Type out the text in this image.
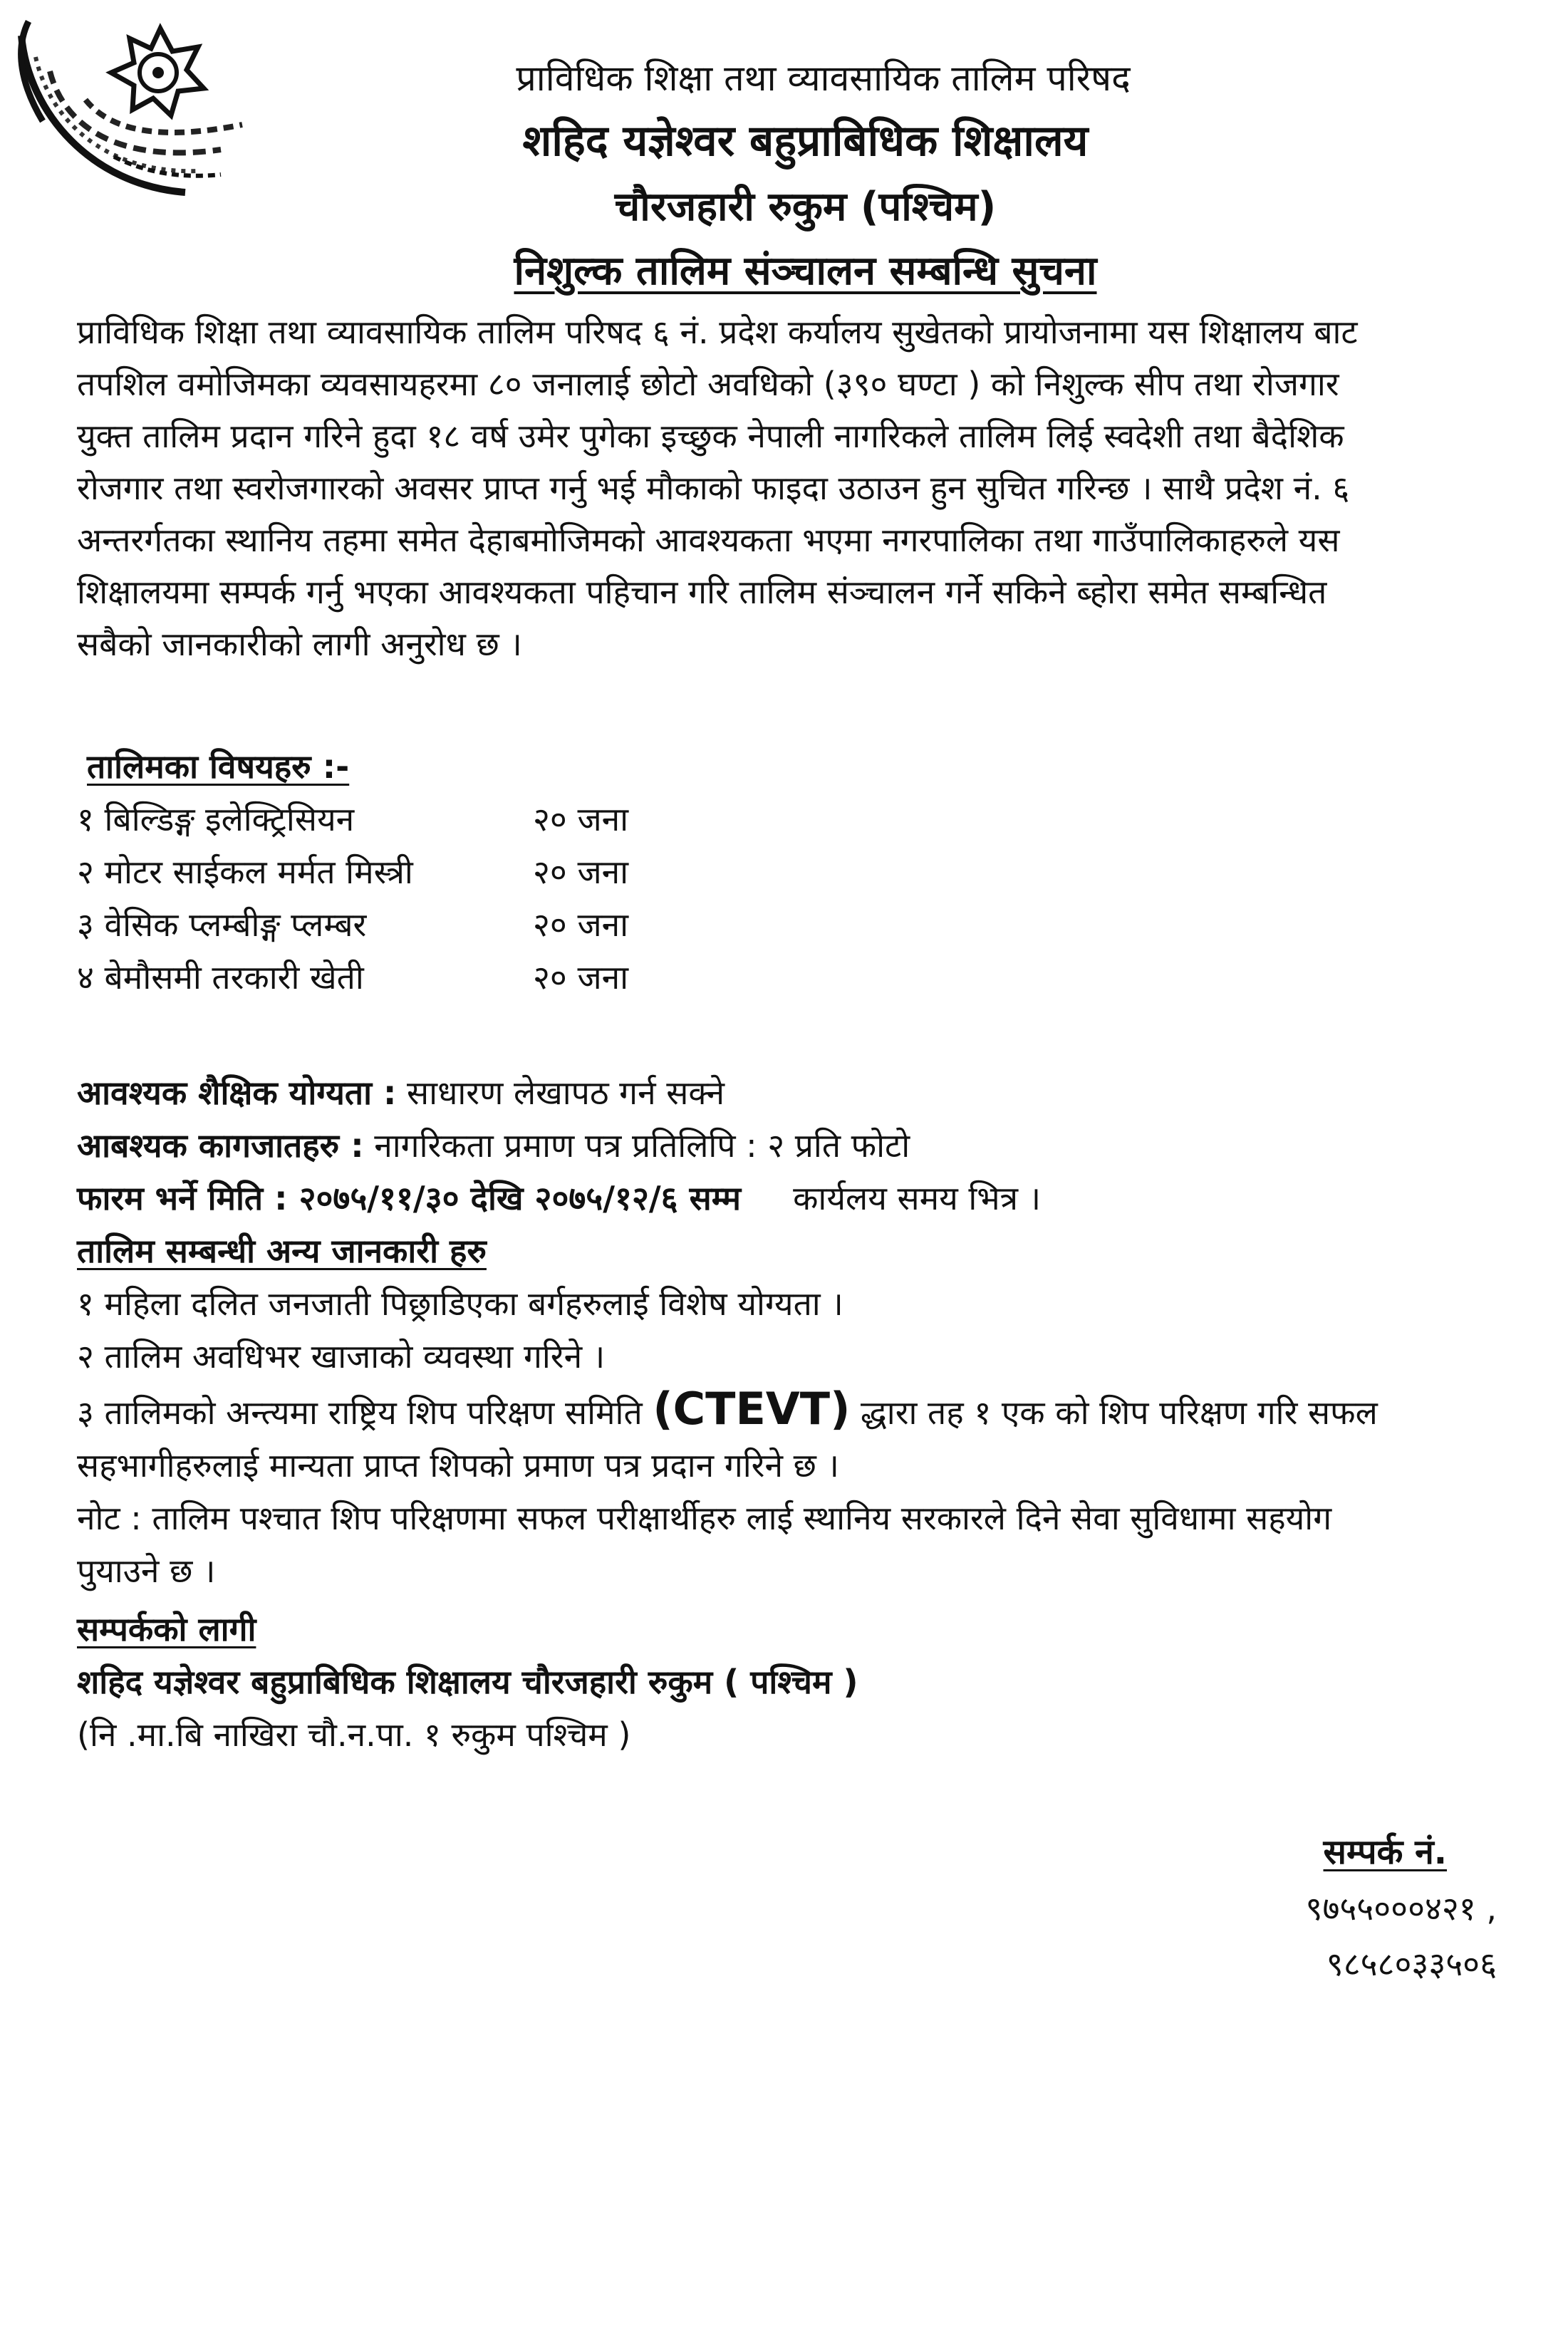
प्राविधिक शिक्षा तथा व्यावसायिक तालिम परिषद
शहिद यज्ञेश्वर बहुप्राबिधिक शिक्षालय
चौरजहारी रुकुम (पश्चिम)
निशुल्क तालिम संञ्चालन सम्बन्धि सुचना
प्राविधिक शिक्षा तथा व्यावसायिक तालिम परिषद ६ नं. प्रदेश कर्यालय सुखेतको प्रायोजनामा यस शिक्षालय बाट
तपशिल वमोजिमका व्यवसायहरमा ८० जनालाई छोटो अवधिको (३९० घण्टा ) को निशुल्क सीप तथा रोजगार
युक्त तालिम प्रदान गरिने हुदा १८ वर्ष उमेर पुगेका इच्छुक नेपाली नागरिकले तालिम लिई स्वदेशी तथा बैदेशिक
रोजगार तथा स्वरोजगारको अवसर प्राप्त गर्नु भई मौकाको फाइदा उठाउन हुन सुचित गरिन्छ । साथै प्रदेश नं. ६
अन्तरर्गतका स्थानिय तहमा समेत देहाबमोजिमको आवश्यकता भएमा नगरपालिका तथा गाउँपालिकाहरुले यस
शिक्षालयमा सम्पर्क गर्नु भएका आवश्यकता पहिचान गरि तालिम संञ्चालन गर्ने सकिने ब्होरा समेत सम्बन्धित
सबैको जानकारीको लागी अनुरोध छ ।
तालिमका विषयहरु :-
१ बिल्डिङ्ग इलेक्ट्रिसियन	२० जना
२ मोटर साईकल मर्मत मिस्त्री	२० जना
३ वेसिक प्लम्बीङ्ग प्लम्बर	२० जना
४ बेमौसमी तरकारी खेती	२० जना
आवश्यक शैक्षिक योग्यता : साधारण लेखापठ गर्न सक्ने
आबश्यक कागजातहरु : नागरिकता प्रमाण पत्र प्रतिलिपि : २ प्रति फोटो
फारम भर्ने मिति : २०७५/११/३० देखि २०७५/१२/६ सम्म     कार्यलय समय भित्र ।
तालिम सम्बन्धी अन्य जानकारी हरु
१ महिला दलित जनजाती पिछ्राडिएका बर्गहरुलाई विशेष योग्यता ।
२ तालिम अवधिभर खाजाको व्यवस्था गरिने ।
३ तालिमको अन्त्यमा राष्ट्रिय शिप परिक्षण समिति (CTEVT) द्धारा तह १ एक को शिप परिक्षण गरि सफल
सहभागीहरुलाई मान्यता प्राप्त शिपको प्रमाण पत्र प्रदान गरिने छ ।
नोट : तालिम पश्चात शिप परिक्षणमा सफल परीक्षार्थीहरु लाई स्थानिय सरकारले दिने सेवा सुविधामा सहयोग
पुयाउने छ ।
सम्पर्कको लागी
शहिद यज्ञेश्वर बहुप्राबिधिक शिक्षालय चौरजहारी रुकुम ( पश्चिम )
(नि .मा.बि नाखिरा चौ.न.पा. १ रुकुम पश्चिम )
सम्पर्क नं.
९७५५०००४२१ ,
९८५८०३३५०६
